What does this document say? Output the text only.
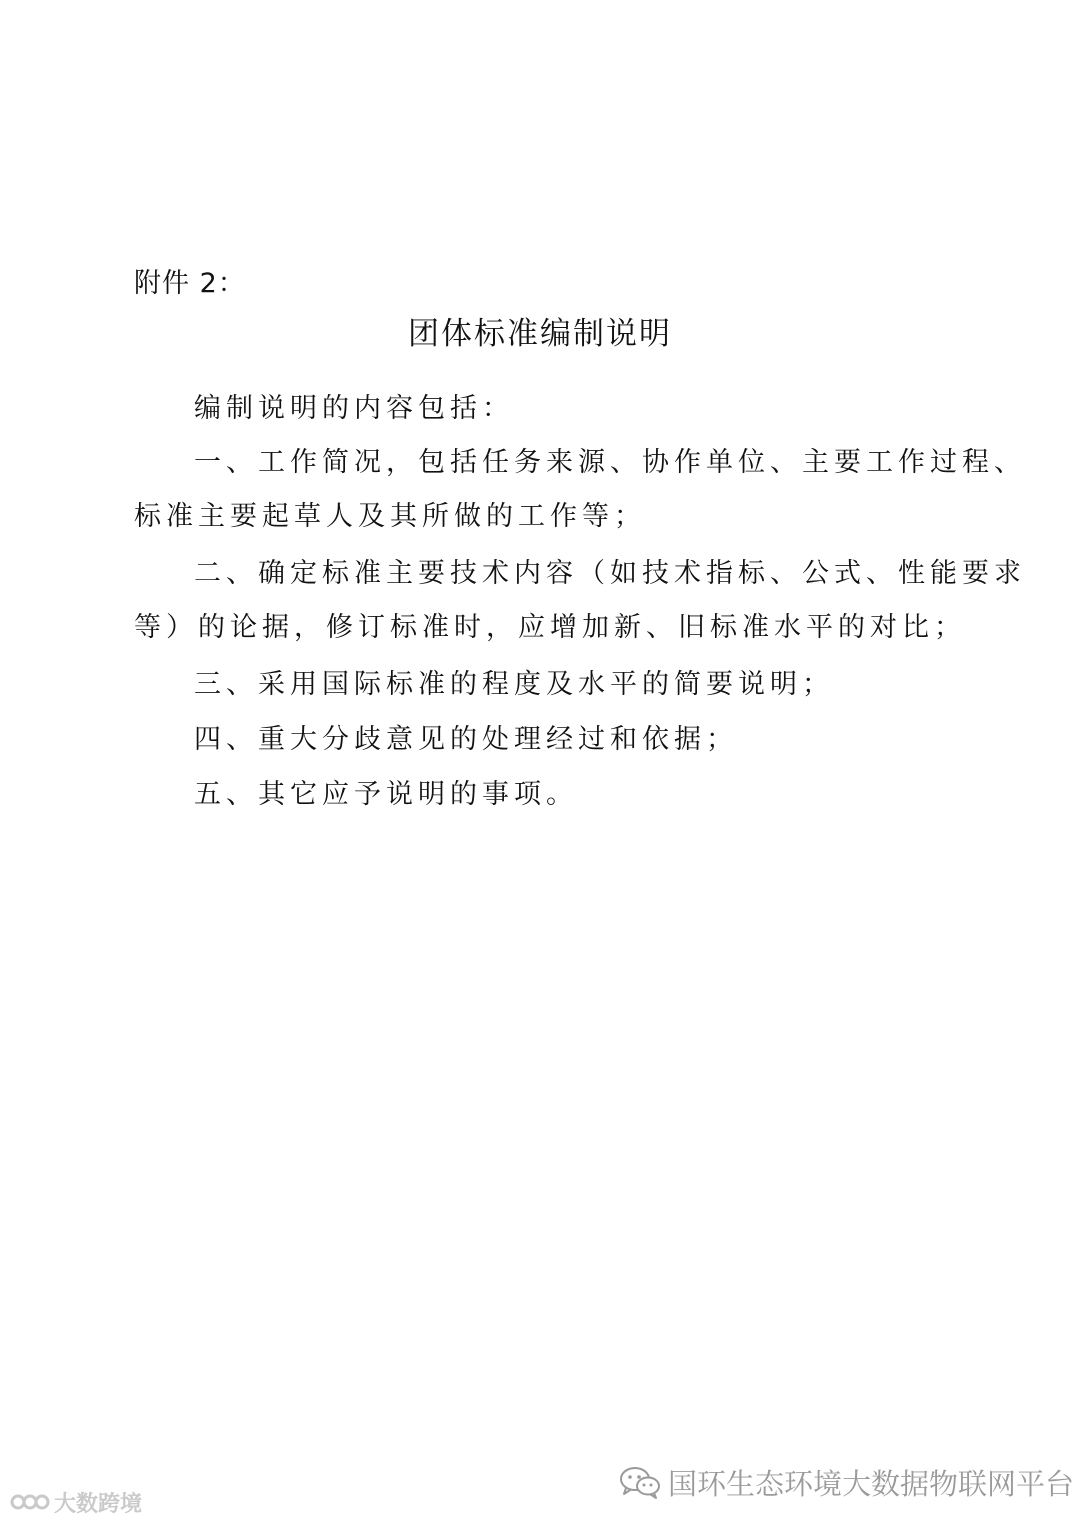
附件 2：
团体标准编制说明

编制说明的内容包括：

一、工作简况，包括任务来源、协作单位、主要工作过程、

标准主要起草人及其所做的工作等；

二、确定标准主要技术内容（如技术指标、公式、性能要求

等）的论据，修订标准时，应增加新、旧标准水平的对比；

三、采用国际标准的程度及水平的简要说明；

四、重大分歧意见的处理经过和依据；

五、其它应予说明的事项。

国环生态环境大数据物联网平台
大数跨境
